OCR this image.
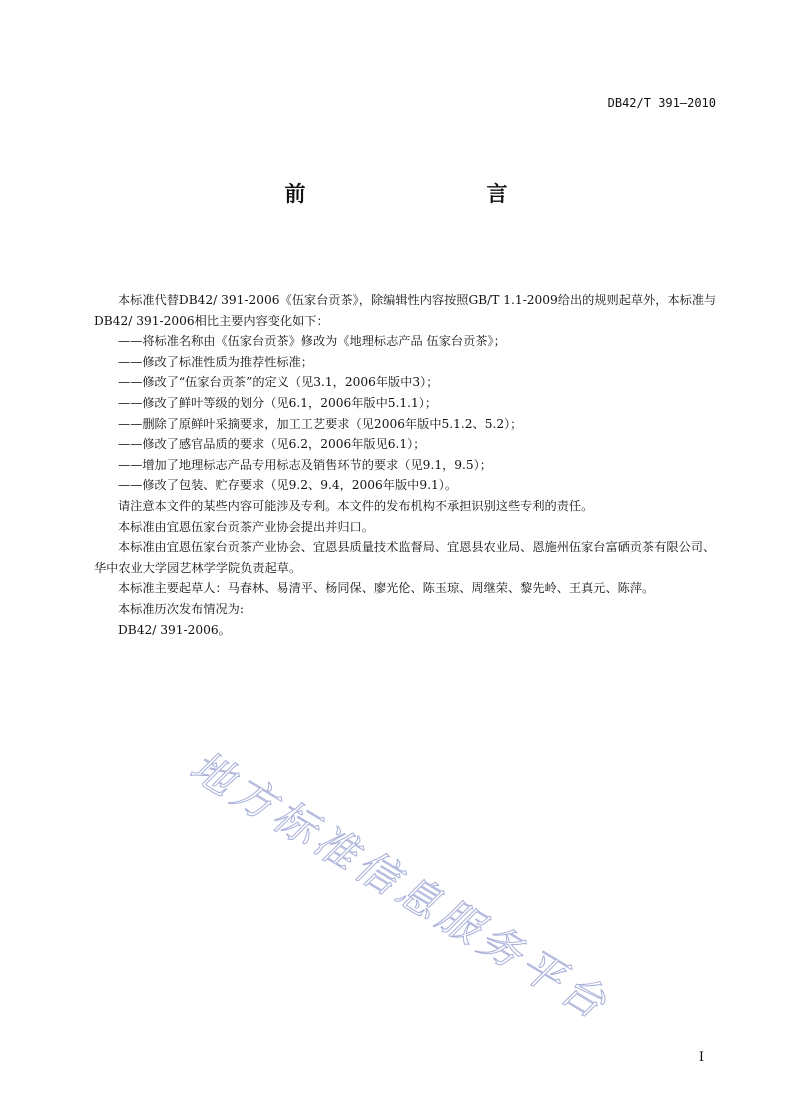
DB42/T 391—2010
前　言

本标准代替DB42/ 391-2006《伍家台贡茶》，除编辑性内容按照GB/T 1.1-2009给出的规则起草外，本标准与DB42/ 391-2006相比主要内容变化如下：

——将标准名称由《伍家台贡茶》修改为《地理标志产品 伍家台贡茶》；

——修改了标准性质为推荐性标准；

——修改了“伍家台贡茶”的定义（见3.1，2006年版中3）；

——修改了鲜叶等级的划分（见6.1，2006年版中5.1.1）；

——删除了原鲜叶采摘要求，加工工艺要求（见2006年版中5.1.2、5.2）；

——修改了感官品质的要求（见6.2，2006年版见6.1）；

——增加了地理标志产品专用标志及销售环节的要求（见9.1，9.5）；

——修改了包装、贮存要求（见9.2、9.4，2006年版中9.1）。

请注意本文件的某些内容可能涉及专利。本文件的发布机构不承担识别这些专利的责任。

本标准由宜恩伍家台贡茶产业协会提出并归口。

本标准由宜恩伍家台贡茶产业协会、宜恩县质量技术监督局、宜恩县农业局、恩施州伍家台富硒贡茶有限公司、华中农业大学园艺林学学院负责起草。

本标准主要起草人：马春林、易清平、杨同保、廖光伦、陈玉琼、周继荣、黎先岭、王真元、陈萍。

本标准历次发布情况为:

DB42/ 391-2006。

地方标准信息服务平台
I
